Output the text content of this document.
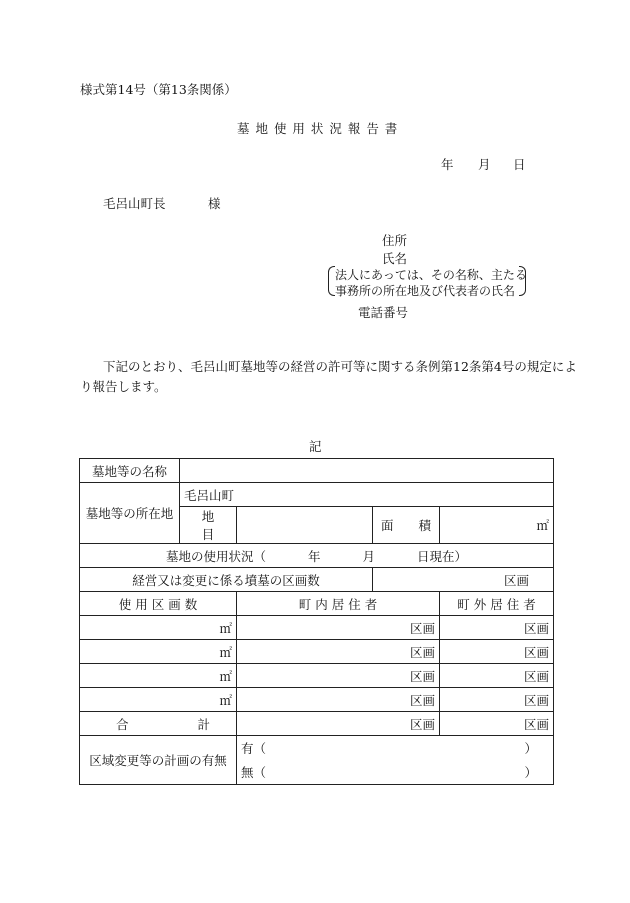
様式第14号（第13条関係）
墓 地 使 用 状 況 報 告 書
年 月 日
毛呂山町長	様
住所
氏名
法人にあっては、その名称、主たる
事務所の所在地及び代表者の氏名
電話番号
下記のとおり、毛呂山町墓地等の経営の許可等に関する条例第12条第4号の規定によ
り報告します。
記
墓地等の名称				
墓地等の所在地	毛呂山町			
	地　　目		面　　積	㎡
墓地の使用状況（ 年 月 日現在）				
経営又は変更に係る墳墓の区画数			区画	
使 用 区 画 数		町 内 居 住 者		町 外 居 住 者
㎡		区画		区画
㎡		区画		区画
㎡		区画		区画
㎡		区画		区画

合 計		区画		区画
区域変更等の計画の有無		有（ ）
無（ ）		
